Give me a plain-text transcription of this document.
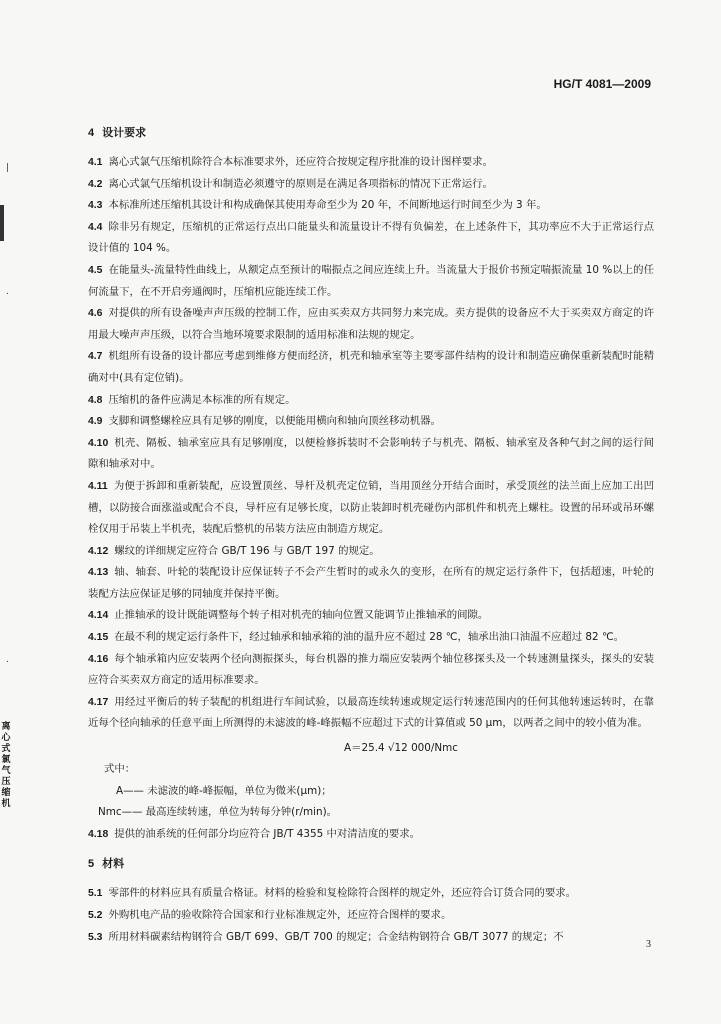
|
.
.
HG/T 4081—2009
离心式氯气压缩机

4 设计要求

4.1 离心式氯气压缩机除符合本标准要求外，还应符合按规定程序批准的设计图样要求。

4.2 离心式氯气压缩机设计和制造必须遵守的原则是在满足各项指标的情况下正常运行。

4.3 本标准所述压缩机其设计和构成确保其使用寿命至少为 20 年，不间断地运行时间至少为 3 年。

4.4 除非另有规定，压缩机的正常运行点出口能量头和流量设计不得有负偏差，在上述条件下，其功率应不大于正常运行点设计值的 104 %。

4.5 在能量头-流量特性曲线上，从额定点至预计的喘振点之间应连续上升。当流量大于报价书预定喘振流量 10 %以上的任何流量下，在不开启旁通阀时，压缩机应能连续工作。

4.6 对提供的所有设备噪声声压级的控制工作，应由买卖双方共同努力来完成。卖方提供的设备应不大于买卖双方商定的许用最大噪声声压级，以符合当地环境要求限制的适用标准和法规的规定。

4.7 机组所有设备的设计都应考虑到维修方便而经济，机壳和轴承室等主要零部件结构的设计和制造应确保重新装配时能精确对中(具有定位销)。

4.8 压缩机的备件应满足本标准的所有规定。

4.9 支脚和调整螺栓应具有足够的刚度，以便能用横向和轴向顶丝移动机器。

4.10 机壳、隔板、轴承室应具有足够刚度，以便检修拆装时不会影响转子与机壳、隔板、轴承室及各种气封之间的运行间隙和轴承对中。

4.11 为便于拆卸和重新装配，应设置顶丝、导杆及机壳定位销，当用顶丝分开结合面时，承受顶丝的法兰面上应加工出凹槽，以防接合面涨溢或配合不良，导杆应有足够长度，以防止装卸时机壳碰伤内部机件和机壳上螺柱。设置的吊环或吊环螺栓仅用于吊装上半机壳，装配后整机的吊装方法应由制造方规定。

4.12 螺纹的详细规定应符合 GB/T 196 与 GB/T 197 的规定。

4.13 轴、轴套、叶轮的装配设计应保证转子不会产生暂时的或永久的变形，在所有的规定运行条件下，包括超速，叶轮的装配方法应保证足够的同轴度并保持平衡。

4.14 止推轴承的设计既能调整每个转子相对机壳的轴向位置又能调节止推轴承的间隙。

4.15 在最不利的规定运行条件下，经过轴承和轴承箱的油的温升应不超过 28 ℃，轴承出油口油温不应超过 82 ℃。

4.16 每个轴承箱内应安装两个径向测振探头，每台机器的推力端应安装两个轴位移探头及一个转速测量探头，探头的安装应符合买卖双方商定的适用标准要求。

4.17 用经过平衡后的转子装配的机组进行车间试验，以最高连续转速或规定运行转速范围内的任何其他转速运转时，在靠近每个径向轴承的任意平面上所测得的未滤波的峰-峰振幅不应超过下式的计算值或 50 μm，以两者之间中的较小值为准。

A＝25.4 √12 000/Nmc
式中：
A—— 未滤波的峰-峰振幅，单位为微米(μm)；
Nmc—— 最高连续转速，单位为转每分钟(r/min)。

4.18 提供的油系统的任何部分均应符合 JB/T 4355 中对清洁度的要求。

5 材料

5.1 零部件的材料应具有质量合格证。材料的检验和复检除符合图样的规定外，还应符合订货合同的要求。

5.2 外购机电产品的验收除符合国家和行业标准规定外，还应符合图样的要求。

5.3 所用材料碳素结构钢符合 GB/T 699、GB/T 700 的规定；合金结构钢符合 GB/T 3077 的规定；不

3
